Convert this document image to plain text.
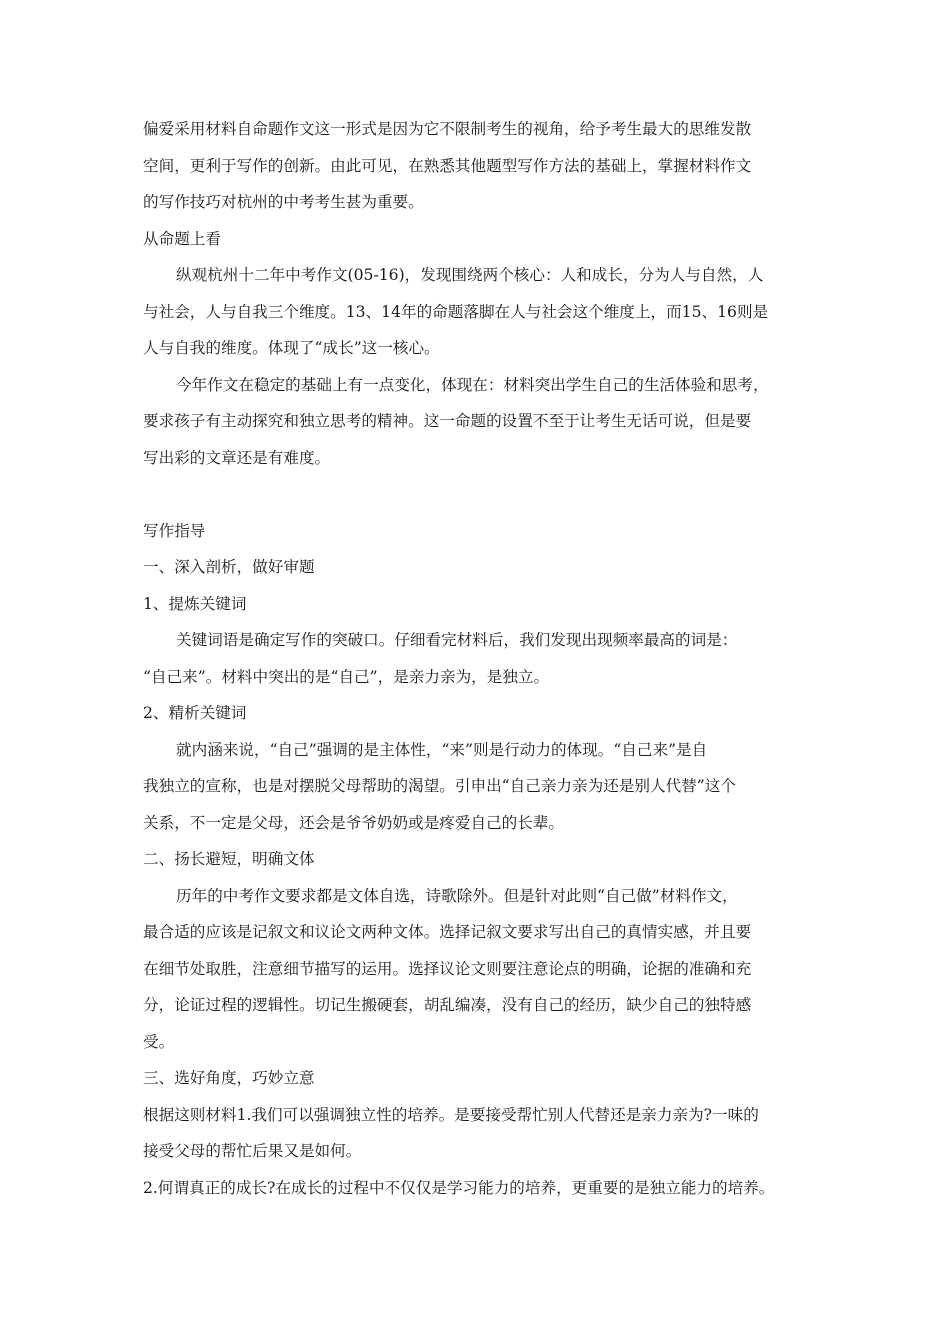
偏爱采用材料自命题作文这一形式是因为它不限制考生的视角，给予考生最大的思维发散

空间，更利于写作的创新。由此可见，在熟悉其他题型写作方法的基础上，掌握材料作文

的写作技巧对杭州的中考考生甚为重要。

从命题上看

纵观杭州十二年中考作文(05-16)，发现围绕两个核心：人和成长，分为人与自然，人

与社会，人与自我三个维度。13、14年的命题落脚在人与社会这个维度上，而15、16则是

人与自我的维度。体现了“成长”这一核心。

今年作文在稳定的基础上有一点变化，体现在：材料突出学生自己的生活体验和思考，

要求孩子有主动探究和独立思考的精神。这一命题的设置不至于让考生无话可说，但是要

写出彩的文章还是有难度。

写作指导

一、深入剖析，做好审题

1、提炼关键词

关键词语是确定写作的突破口。仔细看完材料后，我们发现出现频率最高的词是：

“自己来”。材料中突出的是“自己”，是亲力亲为，是独立。

2、精析关键词

就内涵来说，“自己”强调的是主体性，“来”则是行动力的体现。“自己来”是自

我独立的宣称，也是对摆脱父母帮助的渴望。引申出“自己亲力亲为还是别人代替”这个

关系，不一定是父母，还会是爷爷奶奶或是疼爱自己的长辈。

二、扬长避短，明确文体

历年的中考作文要求都是文体自选，诗歌除外。但是针对此则“自己做”材料作文，

最合适的应该是记叙文和议论文两种文体。选择记叙文要求写出自己的真情实感，并且要

在细节处取胜，注意细节描写的运用。选择议论文则要注意论点的明确，论据的准确和充

分，论证过程的逻辑性。切记生搬硬套，胡乱编凑，没有自己的经历，缺少自己的独特感

受。

三、选好角度，巧妙立意

根据这则材料1.我们可以强调独立性的培养。是要接受帮忙别人代替还是亲力亲为?一味的

接受父母的帮忙后果又是如何。

2.何谓真正的成长?在成长的过程中不仅仅是学习能力的培养，更重要的是独立能力的培养。
